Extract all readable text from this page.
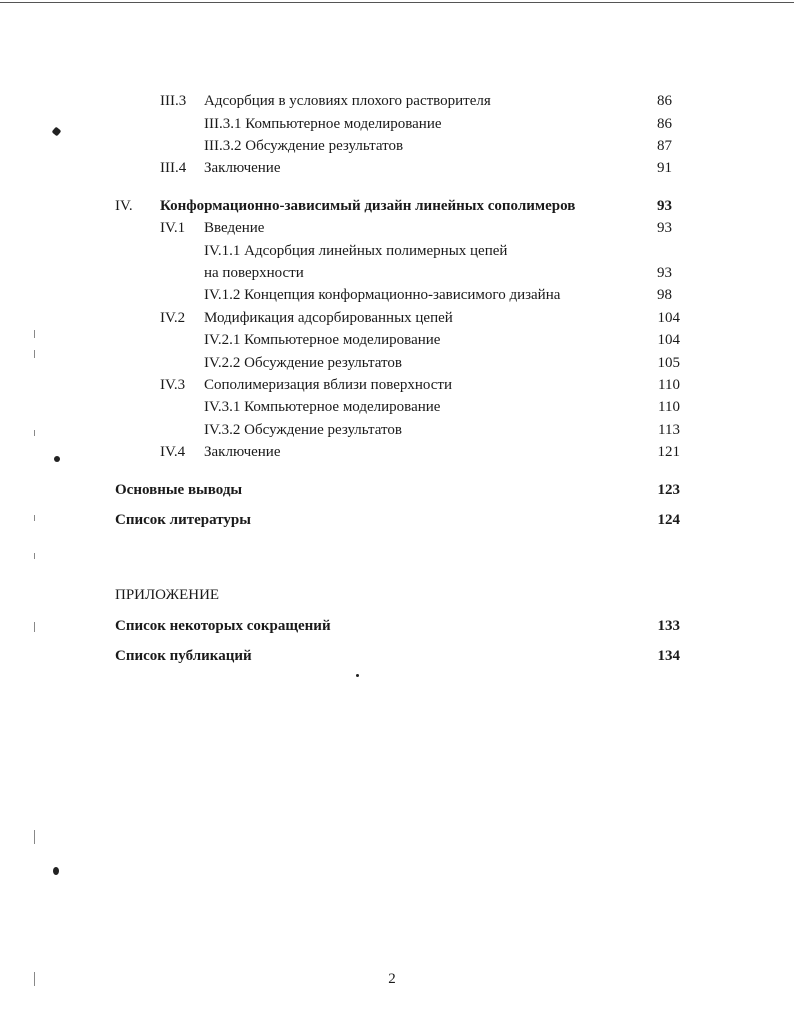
III.3 Адсорбция в условиях плохого растворителя	86
III.3.1 Компьютерное моделирование	86
III.3.2 Обсуждение результатов	87
III.4 Заключение	91
IV. Конформационно-зависимый дизайн линейных сополимеров	93
IV.1 Введение	93
IV.1.1 Адсорбция линейных полимерных цепей
на поверхности	93
IV.1.2 Концепция конформационно-зависимого дизайна	98
IV.2 Модификация адсорбированных цепей	104
IV.2.1 Компьютерное моделирование	104
IV.2.2 Обсуждение результатов	105
IV.3 Сополимеризация вблизи поверхности	110
IV.3.1 Компьютерное моделирование	110
IV.3.2 Обсуждение результатов	113
IV.4 Заключение	121
Основные выводы	123
Список литературы	124
ПРИЛОЖЕНИЕ
Список некоторых сокращений	133
Список публикаций	134
2
